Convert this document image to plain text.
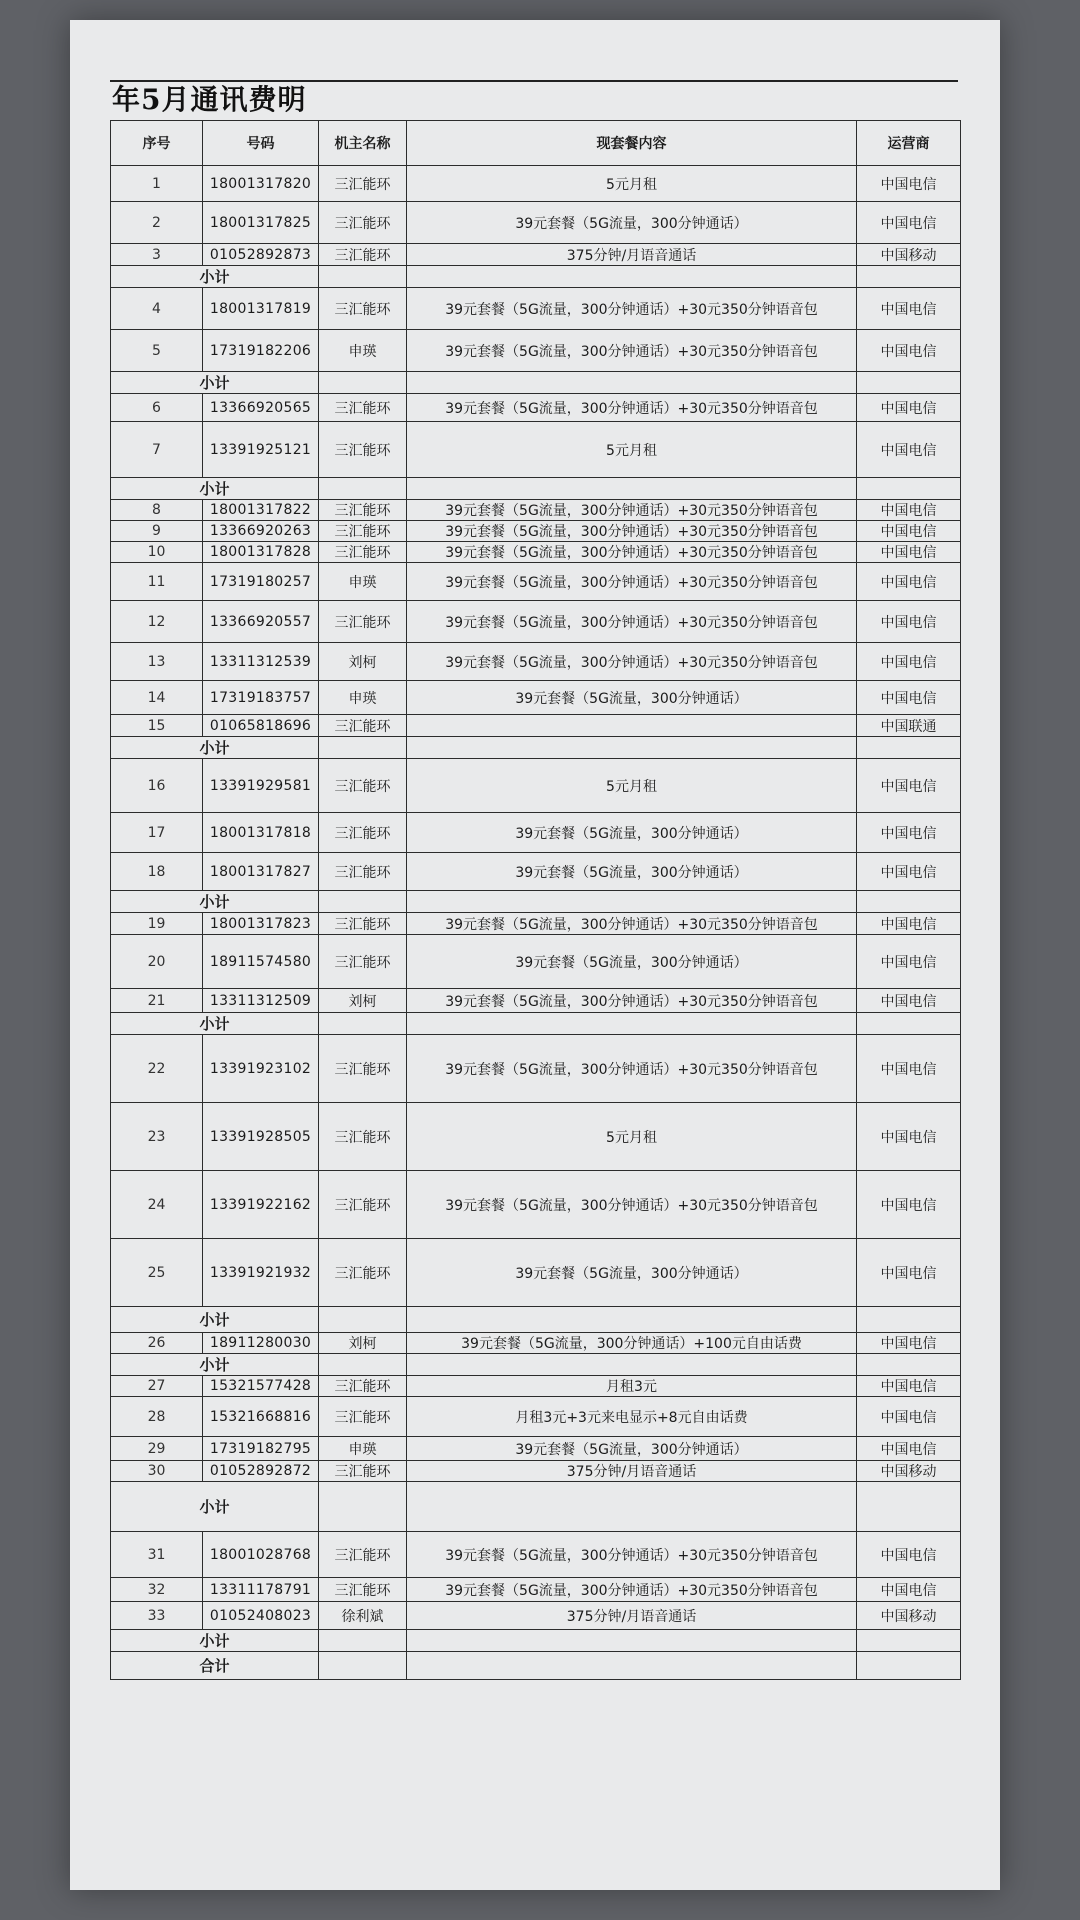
年5月通讯费明
序号	号码	机主名称	现套餐内容	运营商
1	18001317820	三汇能环	5元月租	中国电信
2	18001317825	三汇能环	39元套餐（5G流量，300分钟通话）	中国电信
3	01052892873	三汇能环	375分钟/月语音通话	中国移动
小计				
4	18001317819	三汇能环	39元套餐（5G流量，300分钟通话）+30元350分钟语音包	中国电信
5	17319182206	申瑛	39元套餐（5G流量，300分钟通话）+30元350分钟语音包	中国电信
小计				
6	13366920565	三汇能环	39元套餐（5G流量，300分钟通话）+30元350分钟语音包	中国电信
7	13391925121	三汇能环	5元月租	中国电信
小计				
8	18001317822	三汇能环	39元套餐（5G流量，300分钟通话）+30元350分钟语音包	中国电信
9	13366920263	三汇能环	39元套餐（5G流量，300分钟通话）+30元350分钟语音包	中国电信
10	18001317828	三汇能环	39元套餐（5G流量，300分钟通话）+30元350分钟语音包	中国电信
11	17319180257	申瑛	39元套餐（5G流量，300分钟通话）+30元350分钟语音包	中国电信
12	13366920557	三汇能环	39元套餐（5G流量，300分钟通话）+30元350分钟语音包	中国电信
13	13311312539	刘柯	39元套餐（5G流量，300分钟通话）+30元350分钟语音包	中国电信
14	17319183757	申瑛	39元套餐（5G流量，300分钟通话）	中国电信
15	01065818696	三汇能环		中国联通
小计				
16	13391929581	三汇能环	5元月租	中国电信
17	18001317818	三汇能环	39元套餐（5G流量，300分钟通话）	中国电信
18	18001317827	三汇能环	39元套餐（5G流量，300分钟通话）	中国电信
小计				
19	18001317823	三汇能环	39元套餐（5G流量，300分钟通话）+30元350分钟语音包	中国电信
20	18911574580	三汇能环	39元套餐（5G流量，300分钟通话）	中国电信
21	13311312509	刘柯	39元套餐（5G流量，300分钟通话）+30元350分钟语音包	中国电信
小计				
22	13391923102	三汇能环	39元套餐（5G流量，300分钟通话）+30元350分钟语音包	中国电信
23	13391928505	三汇能环	5元月租	中国电信
24	13391922162	三汇能环	39元套餐（5G流量，300分钟通话）+30元350分钟语音包	中国电信
25	13391921932	三汇能环	39元套餐（5G流量，300分钟通话）	中国电信
小计				
26	18911280030	刘柯	39元套餐（5G流量，300分钟通话）+100元自由话费	中国电信
小计				
27	15321577428	三汇能环	月租3元	中国电信
28	15321668816	三汇能环	月租3元+3元来电显示+8元自由话费	中国电信
29	17319182795	申瑛	39元套餐（5G流量，300分钟通话）	中国电信
30	01052892872	三汇能环	375分钟/月语音通话	中国移动
小计				
31	18001028768	三汇能环	39元套餐（5G流量，300分钟通话）+30元350分钟语音包	中国电信
32	13311178791	三汇能环	39元套餐（5G流量，300分钟通话）+30元350分钟语音包	中国电信
33	01052408023	徐利斌	375分钟/月语音通话	中国移动
小计				
合计				
